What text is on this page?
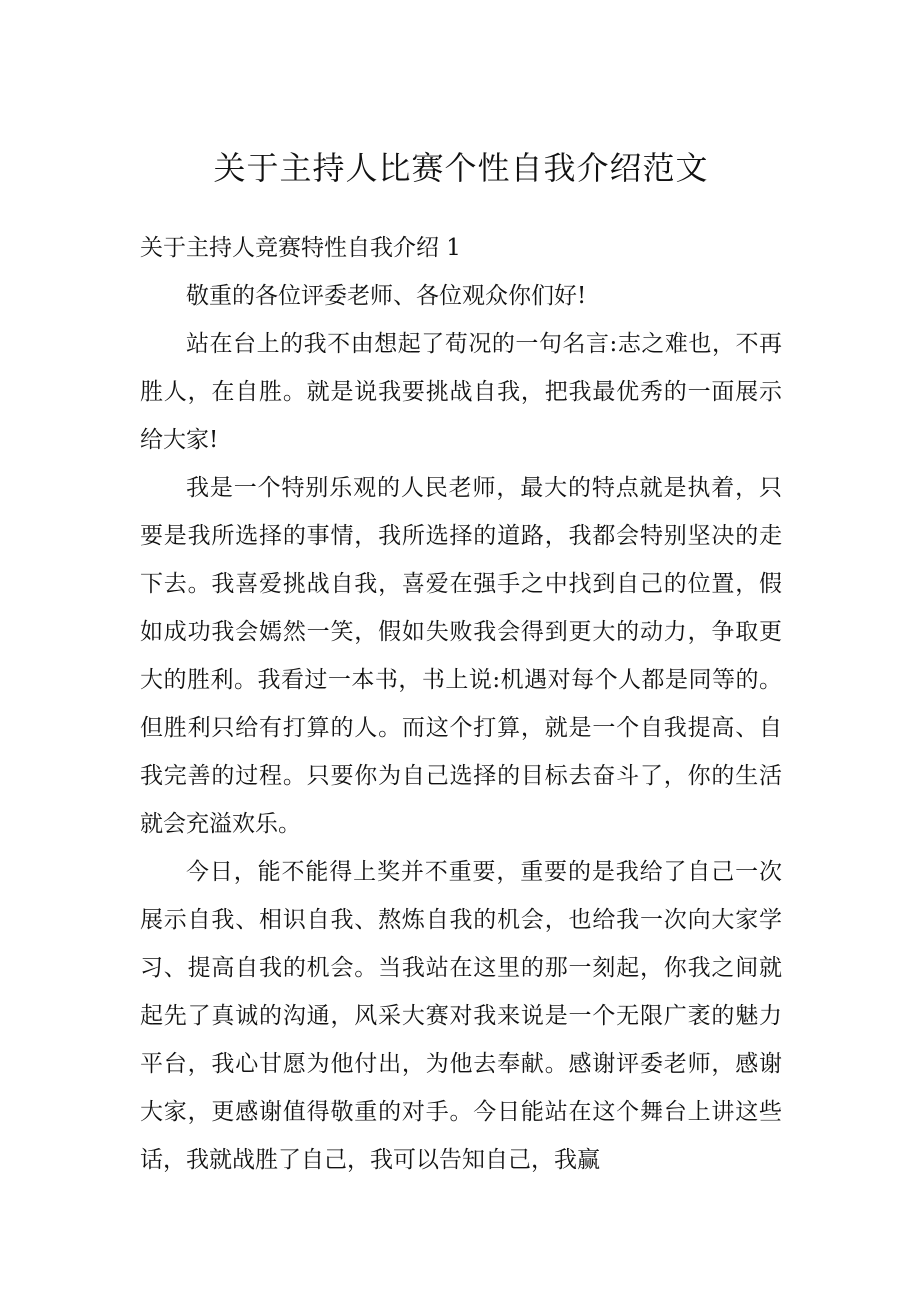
关于主持人比赛个性自我介绍范文

关于主持人竞赛特性自我介绍 1

敬重的各位评委老师、各位观众你们好!

站在台上的我不由想起了荀况的一句名言:志之难也，不再胜人，在自胜。就是说我要挑战自我，把我最优秀的一面展示给大家!

我是一个特别乐观的人民老师，最大的特点就是执着，只要是我所选择的事情，我所选择的道路，我都会特别坚决的走下去。我喜爱挑战自我，喜爱在强手之中找到自己的位置，假如成功我会嫣然一笑，假如失败我会得到更大的动力，争取更大的胜利。我看过一本书，书上说:机遇对每个人都是同等的。但胜利只给有打算的人。而这个打算，就是一个自我提高、自我完善的过程。只要你为自己选择的目标去奋斗了，你的生活就会充溢欢乐。

今日，能不能得上奖并不重要，重要的是我给了自己一次展示自我、相识自我、熬炼自我的机会，也给我一次向大家学习、提高自我的机会。当我站在这里的那一刻起，你我之间就起先了真诚的沟通，风采大赛对我来说是一个无限广袤的魅力平台，我心甘愿为他付出，为他去奉献。感谢评委老师，感谢大家，更感谢值得敬重的对手。今日能站在这个舞台上讲这些话，我就战胜了自己，我可以告知自己，我赢
